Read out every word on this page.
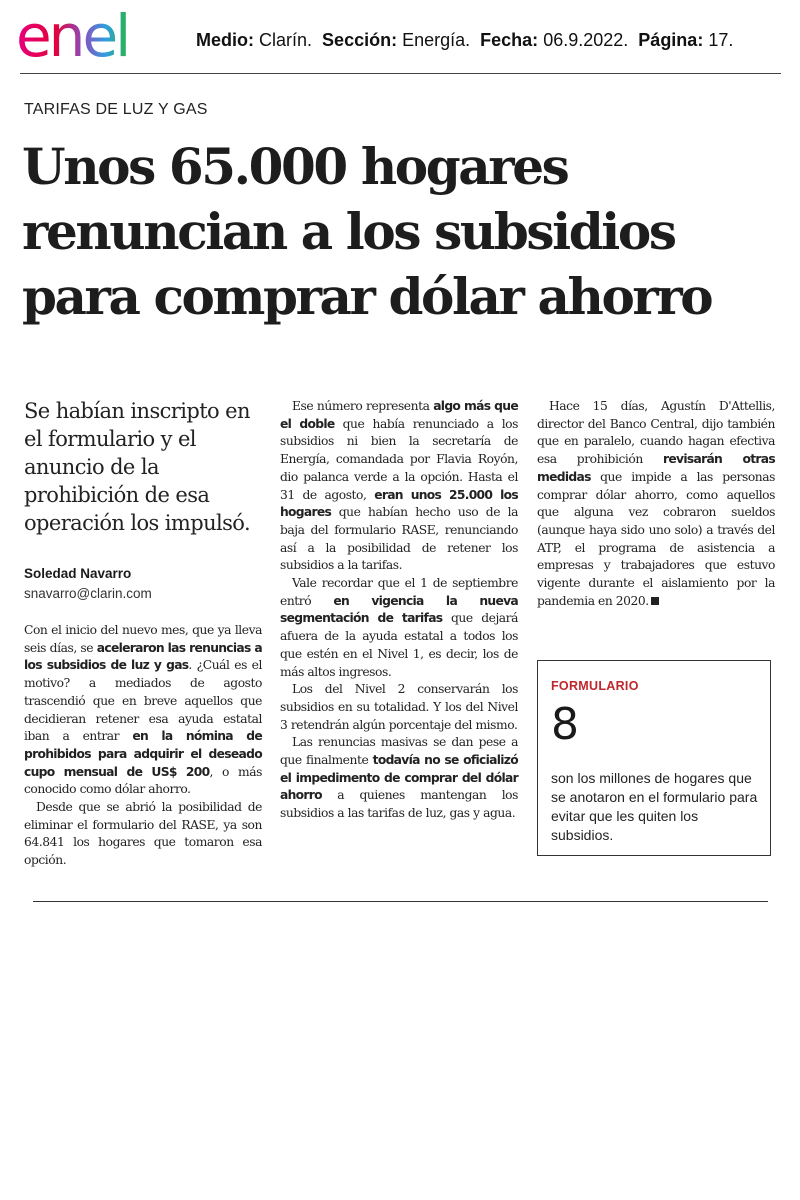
enel	Medio: Clarín. Sección: Energía. Fecha: 06.9.2022. Página: 17.
TARIFAS DE LUZ Y GAS
Unos 65.000 hogares
renuncian a los subsidios
para comprar dólar ahorro
Se habían inscripto en el formulario y el anuncio de la prohibición de esa operación los impulsó.
Soledad Navarro
snavarro@clarin.com

Con el inicio del nuevo mes, que ya lleva seis días, se aceleraron las renuncias a los subsidios de luz y gas. ¿Cuál es el motivo? a mediados de agosto trascendió que en breve aquellos que decidieran retener esa ayuda estatal iban a entrar en la nómina de prohibidos para adquirir el deseado cupo mensual de US$ 200, o más conocido como dólar ahorro.

Desde que se abrió la posibilidad de eliminar el formulario del RASE, ya son 64.841 los hogares que tomaron esa opción.

Ese número representa algo más que el doble que había renunciado a los subsidios ni bien la secretaría de Energía, comandada por Flavia Royón, dio palanca verde a la opción. Hasta el 31 de agosto, eran unos 25.000 los hogares que habían hecho uso de la baja del formulario RASE, renunciando así a la posibilidad de retener los subsidios a la tarifas.

Vale recordar que el 1 de septiembre entró en vigencia la nueva segmentación de tarifas que dejará afuera de la ayuda estatal a todos los que estén en el Nivel 1, es decir, los de más altos ingresos.

Los del Nivel 2 conservarán los subsidios en su totalidad. Y los del Nivel 3 retendrán algún porcentaje del mismo.

Las renuncias masivas se dan pese a que finalmente todavía no se oficializó el impedimento de comprar del dólar ahorro a quienes mantengan los subsidios a las tarifas de luz, gas y agua.

Hace 15 días, Agustín D'Attellis, director del Banco Central, dijo también que en paralelo, cuando hagan efectiva esa prohibición revisarán otras medidas que impide a las personas comprar dólar ahorro, como aquellos que alguna vez cobraron sueldos (aunque haya sido uno solo) a través del ATP, el programa de asistencia a empresas y trabajadores que estuvo vigente durante el aislamiento por la pandemia en 2020.

FORMULARIO
8
son los millones de hogares que se anotaron en el formulario para evitar que les quiten los subsidios.
